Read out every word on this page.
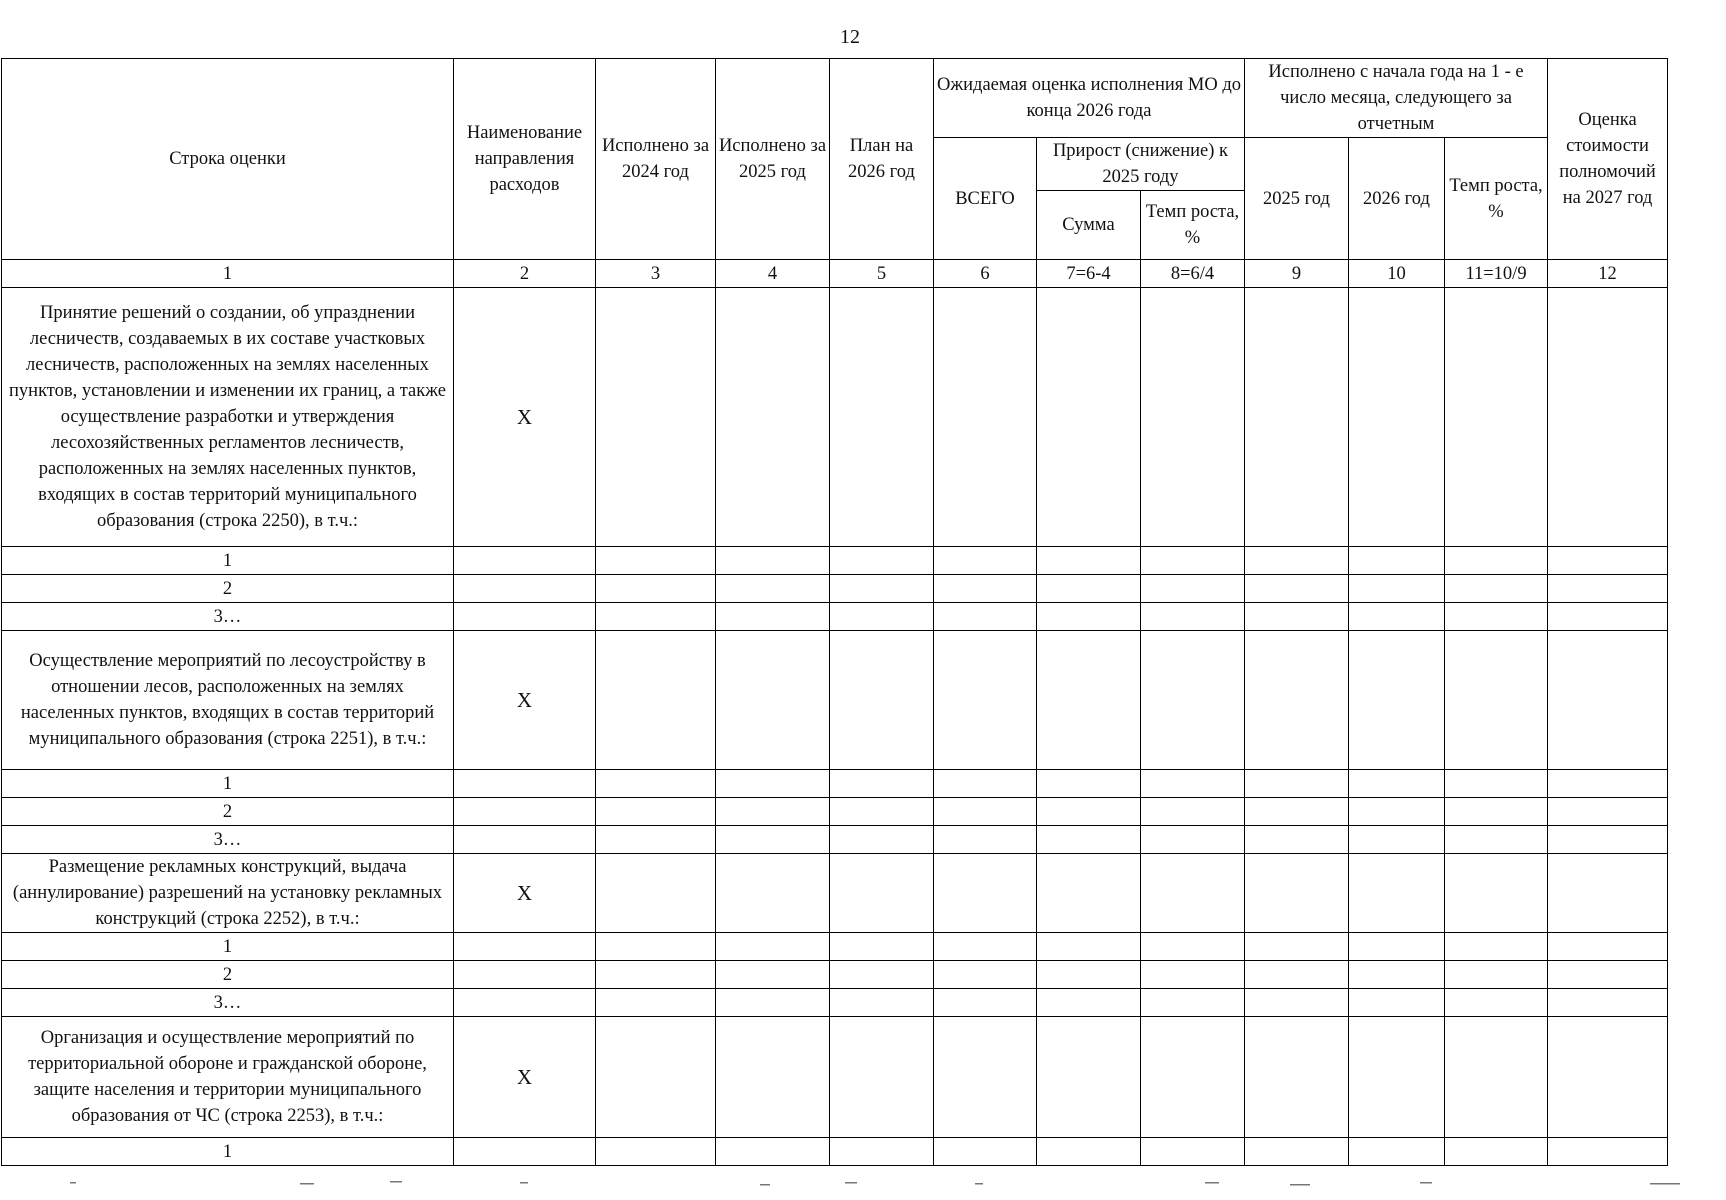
12
Строка оценки	Наименование направления расходов	Исполнено за 2024 год	Исполнено за 2025 год	План на 2026 год	Ожидаемая оценка исполнения МО до конца 2026 года			Исполнено с начала года на 1 - е число месяца, следующего за отчетным			Оценка стоимости полномочий на 2027 год
					ВСЕГО	Прирост (снижение) к 2025 году		2025 год	2026 год	Темп роста, %	
						Сумма	Темп роста, %				
1	2	3	4	5	6	7=6-4	8=6/4	9	10	11=10/9	12
Принятие решений о создании, об упразднении лесничеств, создаваемых в их составе участковых лесничеств, расположенных на землях населенных пунктов, установлении и изменении их границ, а также осуществление разработки и утверждения лесохозяйственных регламентов лесничеств, расположенных на землях населенных пунктов, входящих в состав территорий муниципального образования (строка 2250), в т.ч.:	X										
1											
2											
3…											
Осуществление мероприятий по лесоустройству в отношении лесов, расположенных на землях населенных пунктов, входящих в состав территорий муниципального образования (строка 2251), в т.ч.:	X										
1											
2											
3…											
Размещение рекламных конструкций, выдача (аннулирование) разрешений на установку рекламных конструкций (строка 2252), в т.ч.:	X										
1											
2											
3…											
Организация и осуществление мероприятий по территориальной обороне и гражданской обороне, защите населения и территории муниципального образования от ЧС (строка 2253), в т.ч.:	X										
1											
